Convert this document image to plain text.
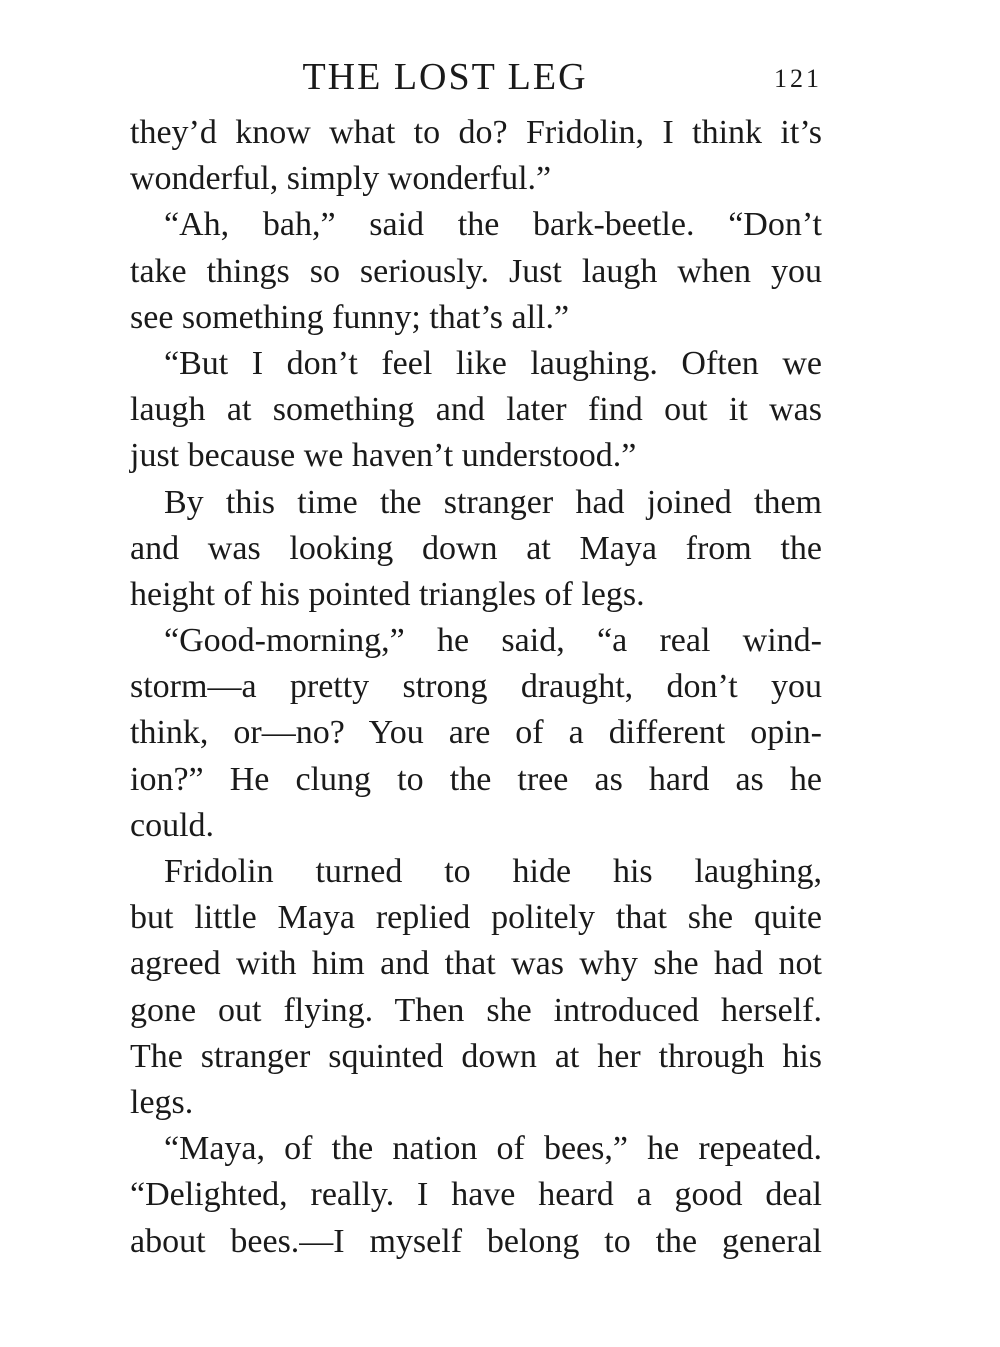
THE LOST LEG	121
they’d know what to do? Fridolin, I think it’s
wonderful, simply wonderful.”
“Ah, bah,” said the bark-beetle. “Don’t
take things so seriously. Just laugh when you
see something funny; that’s all.”
“But I don’t feel like laughing. Often we
laugh at something and later find out it was
just because we haven’t understood.”
By this time the stranger had joined them
and was looking down at Maya from the
height of his pointed triangles of legs.
“Good-morning,” he said, “a real wind-
storm—a pretty strong draught, don’t you
think, or—no? You are of a different opin-
ion?” He clung to the tree as hard as he
could.
Fridolin turned to hide his laughing,
but little Maya replied politely that she quite
agreed with him and that was why she had not
gone out flying. Then she introduced herself.
The stranger squinted down at her through his
legs.
“Maya, of the nation of bees,” he repeated.
“Delighted, really. I have heard a good deal
about bees.—I myself belong to the general
